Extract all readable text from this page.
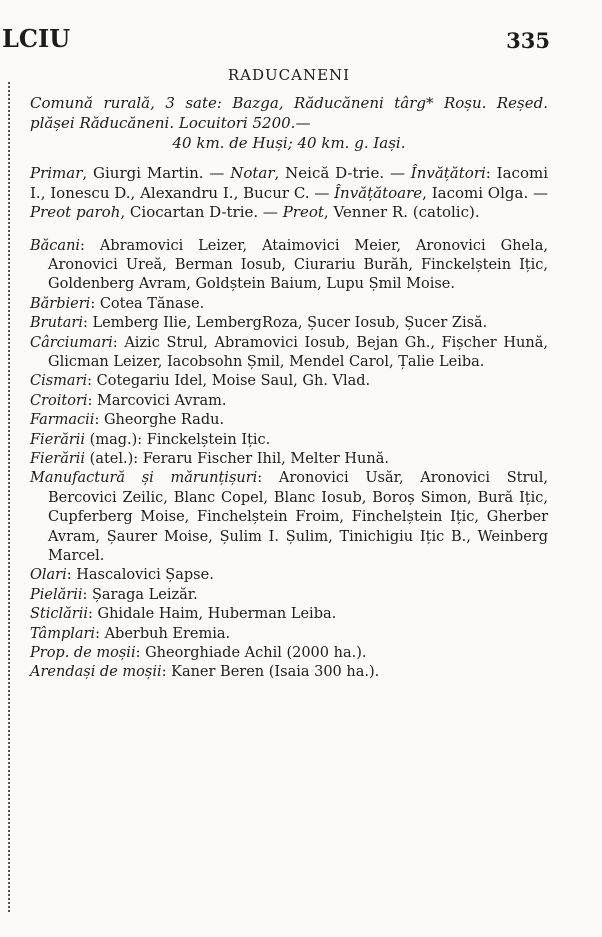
LCIU	335
RADUCANENI

Comună rurală, 3 sate: Bazga, Răducăneni târg* Roșu. Reșed. plășei Răducăneni. Locuitori 5200.—
40 km. de Huși; 40 km. g. Iași.

Primar, Giurgi Martin. — Notar, Neică D-trie. — Învățători: Iacomi I., Ionescu D., Alexandru I., Bucur C. — Învățătoare, Iacomi Olga. — Preot paroh, Ciocartan D-trie. — Preot, Venner R. (catolic).

Băcani: Abramovici Leizer, Ataimovici Meier, Aronovici Ghela, Aronovici Ureă, Berman Iosub, Ciurariu Burăh, Finckelștein Ițic, Goldenberg Avram, Goldștein Baium, Lupu Șmil Moise.

Bărbieri: Cotea Tănase.

Brutari: Lemberg Ilie, LembergRoza, Șucer Iosub, Șucer Zisă.

Cârciumari: Aizic Strul, Abramovici Iosub, Bejan Gh., Fișcher Hună, Glicman Leizer, Iacobsohn Șmil, Mendel Carol, Țalie Leiba.

Cismari: Cotegariu Idel, Moise Saul, Gh. Vlad.

Croitori: Marcovici Avram.

Farmacii: Gheorghe Radu.

Fierării (mag.): Finckelștein Ițic.

Fierării (atel.): Feraru Fischer Ihil, Melter Hună.

Manufactură și mărunțișuri: Aronovici Usăr, Aronovici Strul, Bercovici Zeilic, Blanc Copel, Blanc Iosub, Boroș Simon, Bură Ițic, Cupferberg Moise, Finchelștein Froim, Finchelștein Ițic, Gherber Avram, Șaurer Moise, Șulim I. Șulim, Tinichigiu Ițic B., Weinberg Marcel.

Olari: Hascalovici Șapse.

Pielării: Șaraga Leizăr.

Sticlării: Ghidale Haim, Huberman Leiba.

Tâmplari: Aberbuh Eremia.

Prop. de moșii: Gheorghiade Achil (2000 ha.).

Arendași de moșii: Kaner Beren (Isaia 300 ha.).
